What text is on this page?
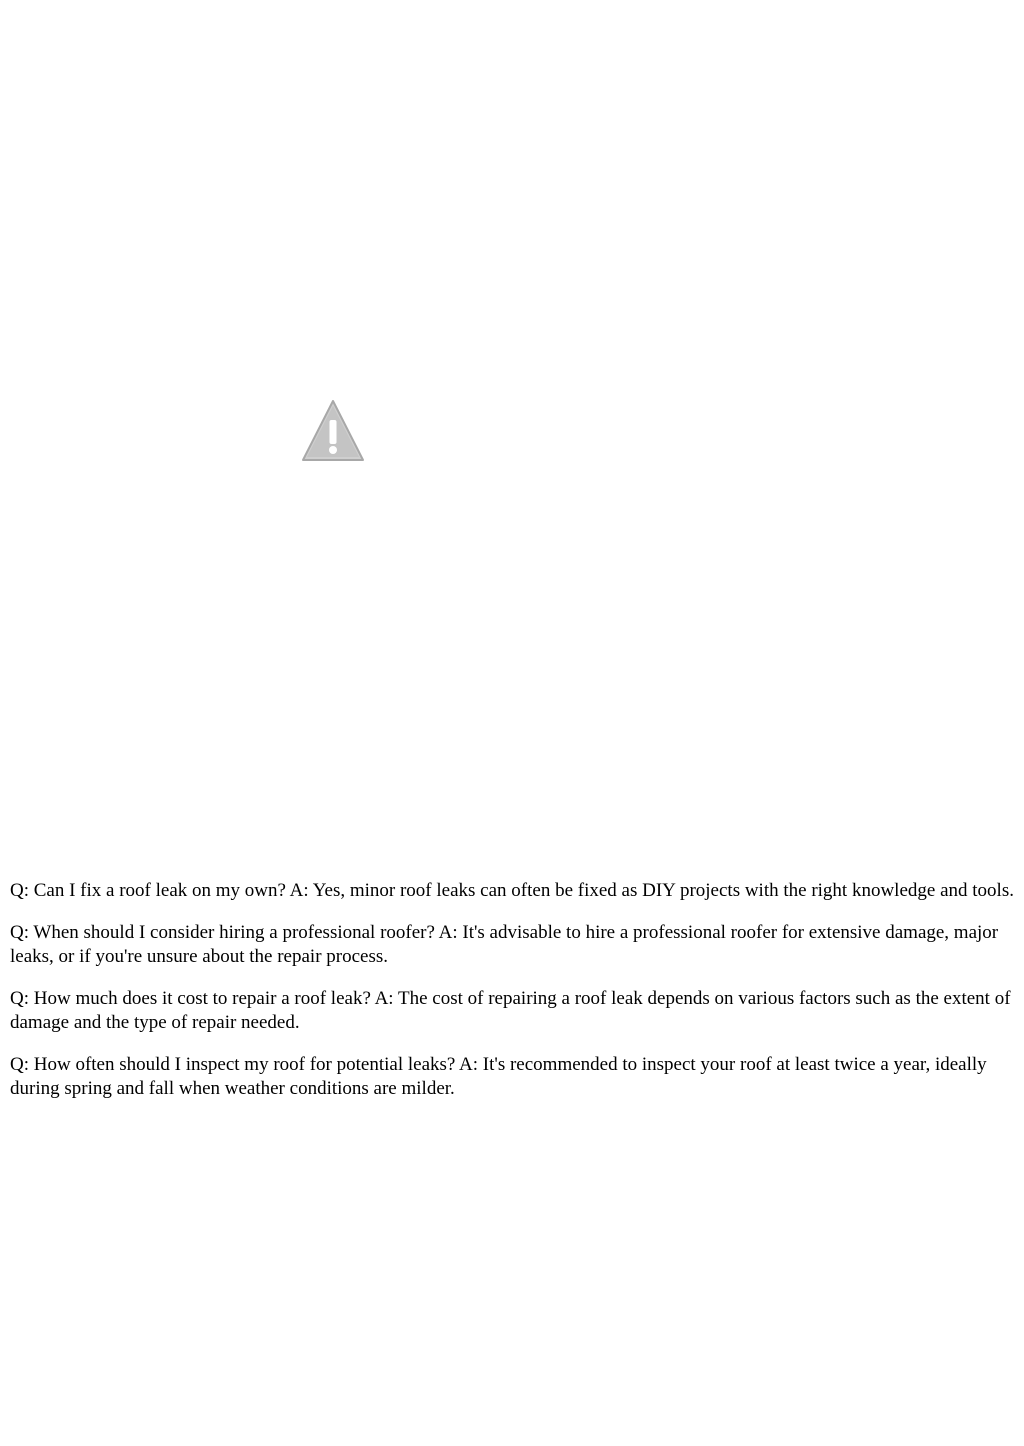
Q: Can I fix a roof leak on my own? A: Yes, minor roof leaks can often be fixed as DIY projects with the right knowledge and tools.

Q: When should I consider hiring a professional roofer? A: It's advisable to hire a professional roofer for extensive damage, major leaks, or if you're unsure about the repair process.

Q: How much does it cost to repair a roof leak? A: The cost of repairing a roof leak depends on various factors such as the extent of damage and the type of repair needed.

Q: How often should I inspect my roof for potential leaks? A: It's recommended to inspect your roof at least twice a year, ideally during spring and fall when weather conditions are milder.
